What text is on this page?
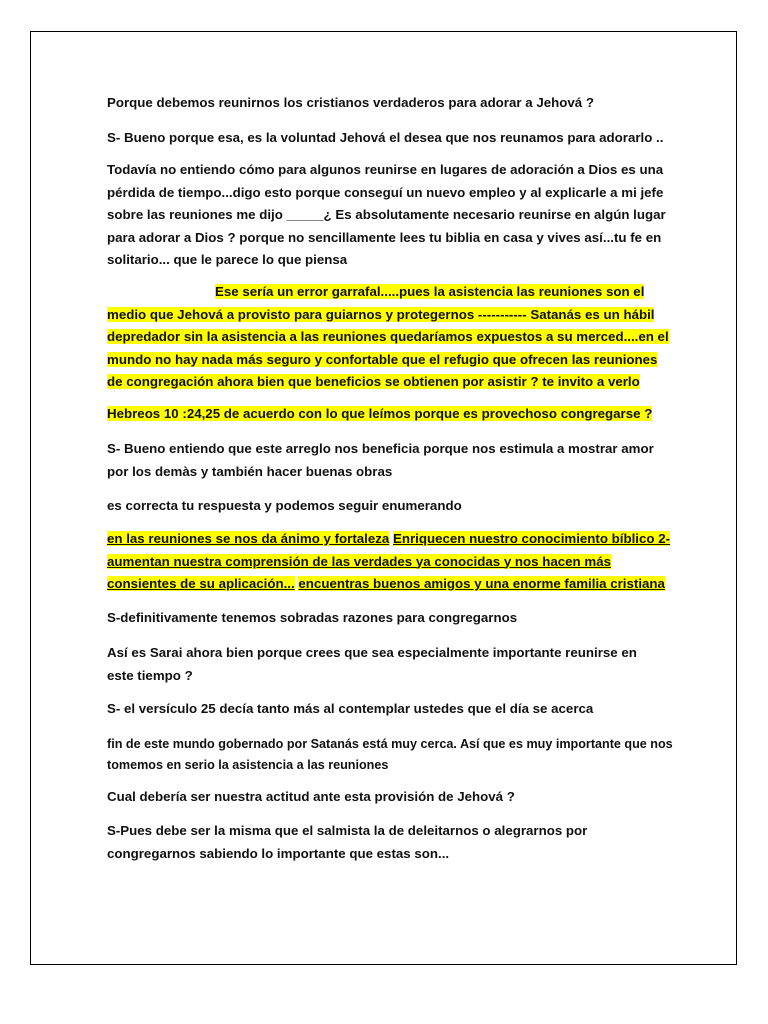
Porque debemos reunirnos los cristianos verdaderos para adorar a Jehová ?

S- Bueno porque esa, es la voluntad Jehová el desea que nos reunamos para adorarlo ..

Todavía no entiendo cómo para algunos reunirse en lugares de adoración a Dios es una
pérdida de tiempo...digo esto porque conseguí un nuevo empleo y al explicarle a mi jefe
sobre las reuniones me dijo _____¿ Es absolutamente necesario reunirse en algún lugar
para adorar a Dios ? porque no sencillamente lees tu biblia en casa y vives así...tu fe en
solitario... que le parece lo que piensa

Ese sería un error garrafal.....pues la asistencia las reuniones son el
medio que Jehová a provisto para guiarnos y protegernos ----------- Satanás es un hábil
depredador sin la asistencia a las reuniones quedaríamos expuestos a su merced....en el
mundo no hay nada más seguro y confortable que el refugio que ofrecen las reuniones
de congregación ahora bien que beneficios se obtienen por asistir ? te invito a verlo

Hebreos 10 :24,25 de acuerdo con lo que leímos porque es provechoso congregarse ?

S- Bueno entiendo que este arreglo nos beneficia porque nos estimula a mostrar amor
por los demàs y también hacer buenas obras

es correcta tu respuesta y podemos seguir enumerando

en las reuniones se nos da ánimo y fortaleza Enriquecen nuestro conocimiento bíblico 2-
aumentan nuestra comprensión de las verdades ya conocidas y nos hacen más
consientes de su aplicación... encuentras buenos amigos y una enorme familia cristiana

S-definitivamente tenemos sobradas razones para congregarnos

Así es Sarai ahora bien porque crees que sea especialmente importante reunirse en
este tiempo ?

S- el versículo 25 decía tanto más al contemplar ustedes que el día se acerca

fin de este mundo gobernado por Satanás está muy cerca. Así que es muy importante que nos
tomemos en serio la asistencia a las reuniones

Cual debería ser nuestra actitud ante esta provisión de Jehová ?

S-Pues debe ser la misma que el salmista la de deleitarnos o alegrarnos por
congregarnos sabiendo lo importante que estas son...
